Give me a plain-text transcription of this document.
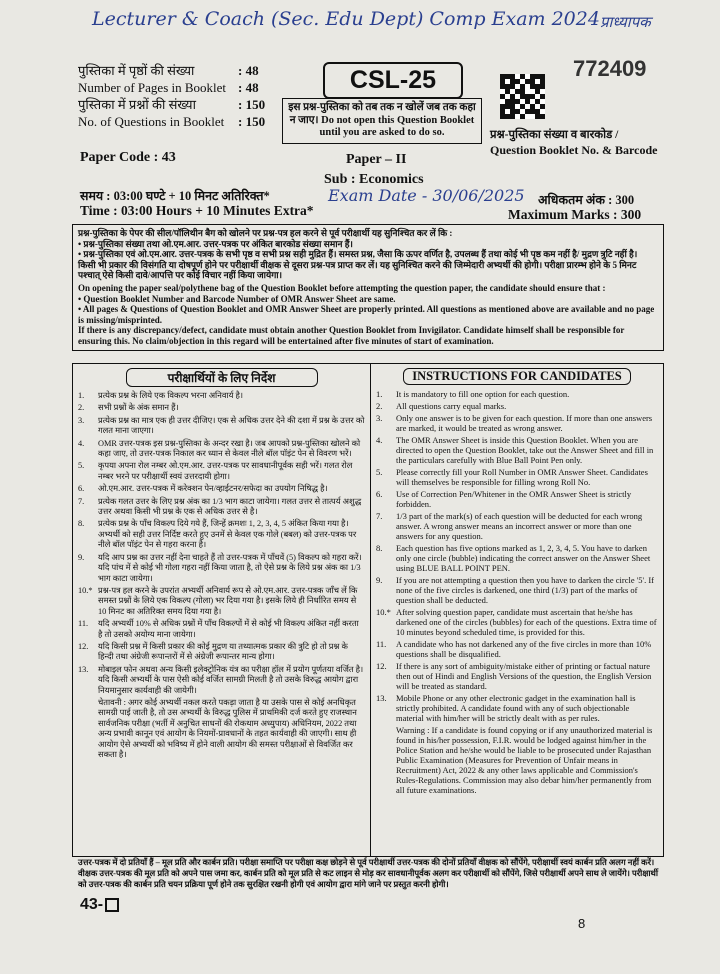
Lecturer & Coach (Sec. Edu Dept) Comp Exam 2024 प्राध्यापक
पुस्तिका में पृष्ठों की संख्या	: 48
Number of Pages in Booklet : 48
पुस्तिका में प्रश्नों की संख्या	: 150
No. of Questions in Booklet	: 150
CSL-25
इस प्रश्न-पुस्तिका को तब तक न खोलें जब तक कहा न जाए। Do not open this Question Booklet until you are asked to do so.
772409
प्रश्न-पुस्तिका संख्या व बारकोड /
Question Booklet No. & Barcode
Paper Code : 43	Paper – II
Sub : Economics
Exam Date - 30/06/2025
समय : 03:00 घण्टे + 10 मिनट अतिरिक्त*
Time : 03:00 Hours + 10 Minutes Extra*
अधिकतम अंक : 300
Maximum Marks : 300
प्रश्न-पुस्तिका के पेपर की सील/पॉलिथीन बैग को खोलने पर प्रश्न-पत्र हल करने से पूर्व परीक्षार्थी यह सुनिश्चित कर लें कि :
• प्रश्न-पुस्तिका संख्या तथा ओ.एम.आर. उत्तर-पत्रक पर अंकित बारकोड संख्या समान हैं।
• प्रश्न-पुस्तिका एवं ओ.एम.आर. उत्तर-पत्रक के सभी पृष्ठ व सभी प्रश्न सही मुद्रित हैं। समस्त प्रश्न, जैसा कि ऊपर वर्णित है, उपलब्ध हैं तथा कोई भी पृष्ठ कम नहीं है/ मुद्रण त्रुटि नहीं है।
किसी भी प्रकार की विसंगति या दोषपूर्ण होने पर परीक्षार्थी वीक्षक से दूसरा प्रश्न-पत्र प्राप्त कर लें। यह सुनिश्चित करने की जिम्मेदारी अभ्यर्थी की होगी। परीक्षा प्रारम्भ होने के 5 मिनट पश्चात् ऐसे किसी दावे/आपत्ति पर कोई विचार नहीं किया जायेगा।
On opening the paper seal/polythene bag of the Question Booklet before attempting the question paper, the candidate should ensure that :
• Question Booklet Number and Barcode Number of OMR Answer Sheet are same.
• All pages & Questions of Question Booklet and OMR Answer Sheet are properly printed. All questions as mentioned above are available and no page is missing/misprinted.
If there is any discrepancy/defect, candidate must obtain another Question Booklet from Invigilator. Candidate himself shall be responsible for ensuring this. No claim/objection in this regard will be entertained after five minutes of start of examination.
परीक्षार्थियों के लिए निर्देश
1.	प्रत्येक प्रश्न के लिये एक विकल्प भरना अनिवार्य है।
2.	सभी प्रश्नों के अंक समान हैं।
3.	प्रत्येक प्रश्न का मात्र एक ही उत्तर दीजिए। एक से अधिक उत्तर देने की दशा में प्रश्न के उत्तर को गलत माना जाएगा।
4.	OMR उत्तर-पत्रक इस प्रश्न-पुस्तिका के अन्दर रखा है। जब आपको प्रश्न-पुस्तिका खोलने को कहा जाए, तो उत्तर-पत्रक निकाल कर ध्यान से केवल नीले बॉल पॉइंट पेन से विवरण भरें।
5.	कृपया अपना रोल नम्बर ओ.एम.आर. उत्तर-पत्रक पर सावधानीपूर्वक सही भरें। गलत रोल नम्बर भरने पर परीक्षार्थी स्वयं उत्तरदायी होगा।
6.	ओ.एम.आर. उत्तर-पत्रक में करेक्शन पेन/व्हाईटनर/सफेदा का उपयोग निषिद्ध है।
7.	प्रत्येक गलत उत्तर के लिए प्रश्न अंक का 1/3 भाग काटा जायेगा। गलत उत्तर से तात्पर्य अशुद्ध उत्तर अथवा किसी भी प्रश्न के एक से अधिक उत्तर से है।
8.	प्रत्येक प्रश्न के पाँच विकल्प दिये गये हैं, जिन्हें क्रमशः 1, 2, 3, 4, 5 अंकित किया गया है। अभ्यर्थी को सही उत्तर निर्दिष्ट करते हुए उनमें से केवल एक गोले (बबल) को उत्तर-पत्रक पर नीले बॉल पॉइंट पेन से गहरा करना है।
9.	यदि आप प्रश्न का उत्तर नहीं देना चाहते हैं तो उत्तर-पत्रक में पाँचवें (5) विकल्प को गहरा करें। यदि पांच में से कोई भी गोला गहरा नहीं किया जाता है, तो ऐसे प्रश्न के लिये प्रश्न अंक का 1/3 भाग काटा जायेगा।
10.* प्रश्न-पत्र हल करने के उपरांत अभ्यर्थी अनिवार्य रूप से ओ.एम.आर. उत्तर-पत्रक जाँच लें कि समस्त प्रश्नों के लिये एक विकल्प (गोला) भर दिया गया है। इसके लिये ही निर्धारित समय से 10 मिनट का अतिरिक्त समय दिया गया है।
11.	यदि अभ्यर्थी 10% से अधिक प्रश्नों में पाँच विकल्पों में से कोई भी विकल्प अंकित नहीं करता है तो उसको अयोग्य माना जायेगा।
12.	यदि किसी प्रश्न में किसी प्रकार की कोई मुद्रण या तथ्यात्मक प्रकार की त्रुटि हो तो प्रश्न के हिन्दी तथा अंग्रेजी रूपान्तरों में से अंग्रेजी रूपान्तर मान्य होगा।
13.	मोबाइल फोन अथवा अन्य किसी इलेक्ट्रोनिक यंत्र का परीक्षा हॉल में प्रयोग पूर्णतया वर्जित है। यदि किसी अभ्यर्थी के पास ऐसी कोई वर्जित सामग्री मिलती है तो उसके विरुद्ध आयोग द्वारा नियमानुसार कार्यवाही की जायेगी।
चेतावनी : अगर कोई अभ्यर्थी नकल करते पकड़ा जाता है या उसके पास से कोई अनधिकृत सामग्री पाई जाती है, तो उस अभ्यर्थी के विरुद्ध पुलिस में प्राथमिकी दर्ज करते हुए राजस्थान सार्वजनिक परीक्षा (भर्ती में अनुचित साधनों की रोकथाम अध्युपाय) अधिनियम, 2022 तथा अन्य प्रभावी कानून एवं आयोग के नियमों-प्रावधानों के तहत कार्यवाही की जाएगी। साथ ही आयोग ऐसे अभ्यर्थी को भविष्य में होने वाली आयोग की समस्त परीक्षाओं से विवर्जित कर सकता है।
INSTRUCTIONS FOR CANDIDATES
1.	It is mandatory to fill one option for each question.
2.	All questions carry equal marks.
3.	Only one answer is to be given for each question. If more than one answers are marked, it would be treated as wrong answer.
4.	The OMR Answer Sheet is inside this Question Booklet. When you are directed to open the Question Booklet, take out the Answer Sheet and fill in the particulars carefully with Blue Ball Point Pen only.
5.	Please correctly fill your Roll Number in OMR Answer Sheet. Candidates will themselves be responsible for filling wrong Roll No.
6.	Use of Correction Pen/Whitener in the OMR Answer Sheet is strictly forbidden.
7.	1/3 part of the mark(s) of each question will be deducted for each wrong answer. A wrong answer means an incorrect answer or more than one answers for any question.
8.	Each question has five options marked as 1, 2, 3, 4, 5. You have to darken only one circle (bubble) indicating the correct answer on the Answer Sheet using BLUE BALL POINT PEN.
9.	If you are not attempting a question then you have to darken the circle '5'. If none of the five circles is darkened, one third (1/3) part of the marks of question shall be deducted.
10.* After solving question paper, candidate must ascertain that he/she has darkened one of the circles (bubbles) for each of the questions. Extra time of 10 minutes beyond scheduled time, is provided for this.
11.	A candidate who has not darkened any of the five circles in more than 10% questions shall be disqualified.
12.	If there is any sort of ambiguity/mistake either of printing or factual nature then out of Hindi and English Versions of the question, the English Version will be treated as standard.
13.	Mobile Phone or any other electronic gadget in the examination hall is strictly prohibited. A candidate found with any of such objectionable material with him/her will be strictly dealt with as per rules.
Warning : If a candidate is found copying or if any unauthorized material is found in his/her possession, F.I.R. would be lodged against him/her in the Police Station and he/she would be liable to be prosecuted under Rajasthan Public Examination (Measures for Prevention of Unfair means in Recruitment) Act, 2022 & any other laws applicable and Commission's Rules-Regulations. Commission may also debar him/her permanently from all future examinations.
उत्तर-पत्रक में दो प्रतियाँ हैं – मूल प्रति और कार्बन प्रति। परीक्षा समाप्ति पर परीक्षा कक्ष छोड़ने से पूर्व परीक्षार्थी उत्तर-पत्रक की दोनों प्रतियाँ वीक्षक को सौंपेंगे, परीक्षार्थी स्वयं कार्बन प्रति अलग नहीं करें। वीक्षक उत्तर-पत्रक की मूल प्रति को अपने पास जमा कर, कार्बन प्रति को मूल प्रति से कट लाइन से मोड़ कर सावधानीपूर्वक अलग कर परीक्षार्थी को सौंपेंगे, जिसे परीक्षार्थी अपने साथ ले जायेंगे। परीक्षार्थी को उत्तर-पत्रक की कार्बन प्रति चयन प्रक्रिया पूर्ण होने तक सुरक्षित रखनी होगी एवं आयोग द्वारा मांगे जाने पर प्रस्तुत करनी होगी।
43-
8
